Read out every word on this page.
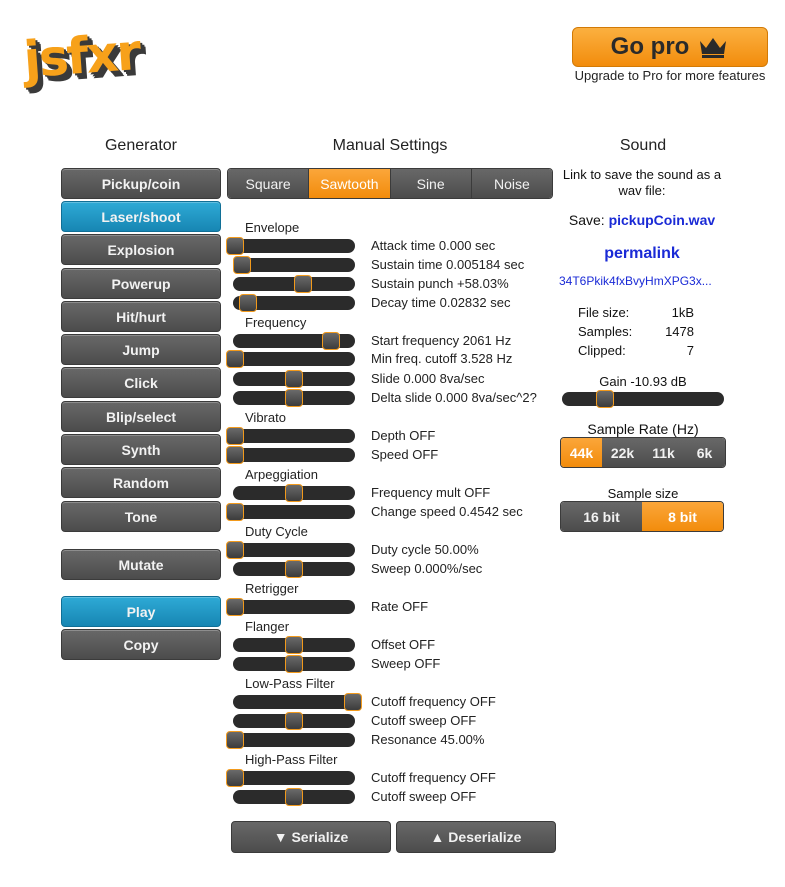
jsfxr	Go pro
Upgrade to Pro for more features
Generator	Manual Settings	Sound
Pickup/coin
Laser/shoot
Explosion
Powerup
Hit/hurt
Jump
Click
Blip/select
Synth
Random
Tone
Mutate
Play
Copy
Square	Sawtooth	Sine	Noise
Envelope
Frequency
Vibrato
Arpeggiation
Duty Cycle
Retrigger
Flanger
Low-Pass Filter
High-Pass Filter
Attack time 0.000 sec
Sustain time 0.005184 sec
Sustain punch +58.03%
Decay time 0.02832 sec
Start frequency 2061 Hz
Min freq. cutoff 3.528 Hz
Slide 0.000 8va/sec
Delta slide 0.000 8va/sec^2?
Depth OFF
Speed OFF
Frequency mult OFF
Change speed 0.4542 sec
Duty cycle 50.00%
Sweep 0.000%/sec
Rate OFF
Offset OFF
Sweep OFF
Cutoff frequency OFF
Cutoff sweep OFF
Resonance 45.00%
Cutoff frequency OFF
Cutoff sweep OFF
Link to save the sound as a wav file:
Save: pickupCoin.wav
permalink
34T6Pkik4fxBvyHmXPG3x...
File size:	1kB
Samples:	1478
Clipped:	7
Gain -10.93 dB
Sample Rate (Hz)
44k	22k	11k	6k
Sample size
16 bit	8 bit
▼ Serialize	▲ Deserialize
